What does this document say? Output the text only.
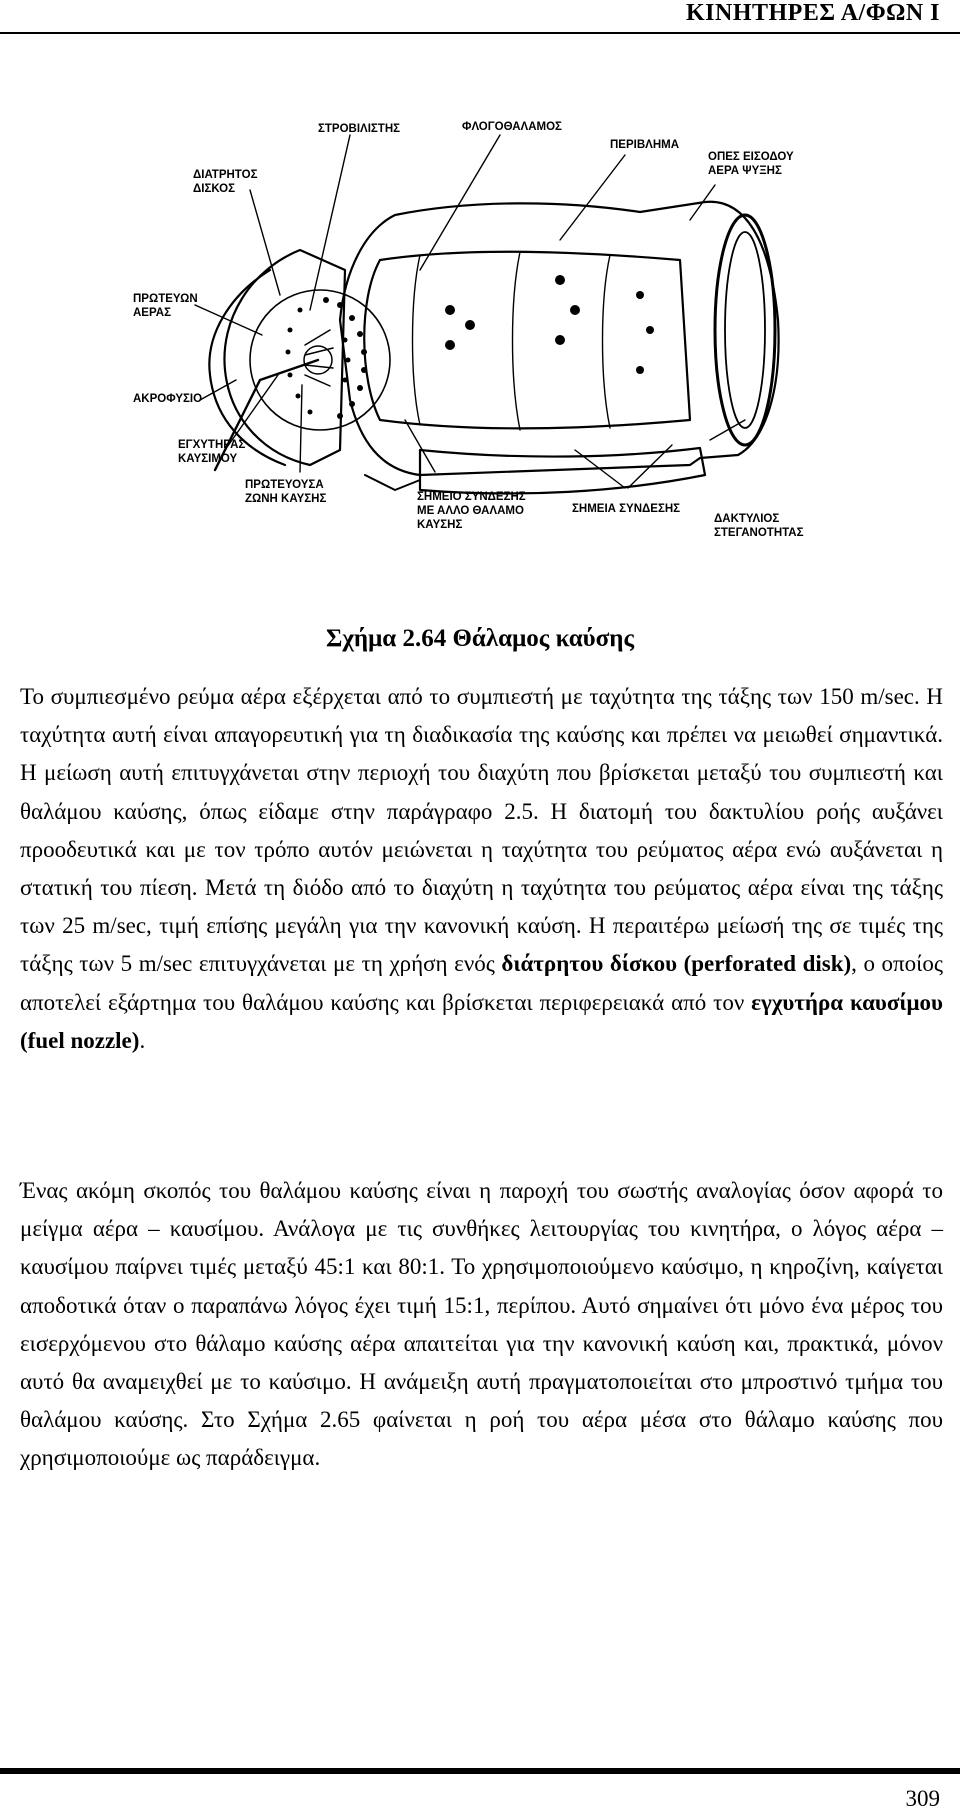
ΚΙΝΗΤΗΡΕΣ Α/ΦΩΝ Ι
ΣΤΡΟΒΙΛΙΣΤΗΣ	ΦΛΟΓΟΘΑΛΑΜΟΣ
ΠΕΡΙΒΛΗΜΑ
ΟΠΕΣ ΕΙΣΟΔΟΥ
ΑΕΡΑ ΨΥΞΗΣ
ΔΙΑΤΡΗΤΟΣ
ΔΙΣΚΟΣ
ΠΡΩΤΕΥΩΝ
ΑΕΡΑΣ
ΑΚΡΟΦΥΣΙΟ
ΕΓΧΥΤΗΡΑΣ
ΚΑΥΣΙΜΟΥ
ΠΡΩΤΕΥΟΥΣΑ
ΖΩΝΗ ΚΑΥΣΗΣ	ΣΗΜΕΙΟ ΣΥΝΔΕΣΗΣ
ΜΕ ΑΛΛΟ ΘΑΛΑΜΟ
ΚΑΥΣΗΣ
ΣΗΜΕΙΑ ΣΥΝΔΕΣΗΣ
ΔΑΚΤΥΛΙΟΣ
ΣΤΕΓΑΝΟΤΗΤΑΣ
Σχήμα 2.64 Θάλαμος καύσης
Το συμπιεσμένο ρεύμα αέρα εξέρχεται από το συμπιεστή με ταχύτητα της τάξης των 150 m/sec. Η ταχύτητα αυτή είναι απαγορευτική για τη διαδικασία της καύσης και πρέπει να μειωθεί σημαντικά. Η μείωση αυτή επιτυγχάνεται στην περιοχή του διαχύτη που βρίσκεται μεταξύ του συμπιεστή και θαλάμου καύσης, όπως είδαμε στην παράγραφο 2.5. Η διατομή του δακτυλίου ροής αυξάνει προοδευτικά και με τον τρόπο αυτόν μειώνεται η ταχύτητα του ρεύματος αέρα ενώ αυξάνεται η στατική του πίεση. Μετά τη διόδο από το διαχύτη η ταχύτητα του ρεύματος αέρα είναι της τάξης των 25 m/sec, τιμή επίσης μεγάλη για την κανονική καύση. Η περαιτέρω μείωσή της σε τιμές της τάξης των 5 m/sec επιτυγχάνεται με τη χρήση ενός διάτρητου δίσκου (perforated disk), ο οποίος αποτελεί εξάρτημα του θαλάμου καύσης και βρίσκεται περιφερειακά από τον εγχυτήρα καυσίμου (fuel nozzle).
Ένας ακόμη σκοπός του θαλάμου καύσης είναι η παροχή του σωστής αναλογίας όσον αφορά το μείγμα αέρα – καυσίμου. Ανάλογα με τις συνθήκες λειτουργίας του κινητήρα, ο λόγος αέρα – καυσίμου παίρνει τιμές μεταξύ 45:1 και 80:1. Το χρησιμοποιούμενο καύσιμο, η κηροζίνη, καίγεται αποδοτικά όταν ο παραπάνω λόγος έχει τιμή 15:1, περίπου. Αυτό σημαίνει ότι μόνο ένα μέρος του εισερχόμενου στο θάλαμο καύσης αέρα απαιτείται για την κανονική καύση και, πρακτικά, μόνον αυτό θα αναμειχθεί με το καύσιμο. Η ανάμειξη αυτή πραγματοποιείται στο μπροστινό τμήμα του θαλάμου καύσης. Στο Σχήμα 2.65 φαίνεται η ροή του αέρα μέσα στο θάλαμο καύσης που χρησιμοποιούμε ως παράδειγμα.
309
